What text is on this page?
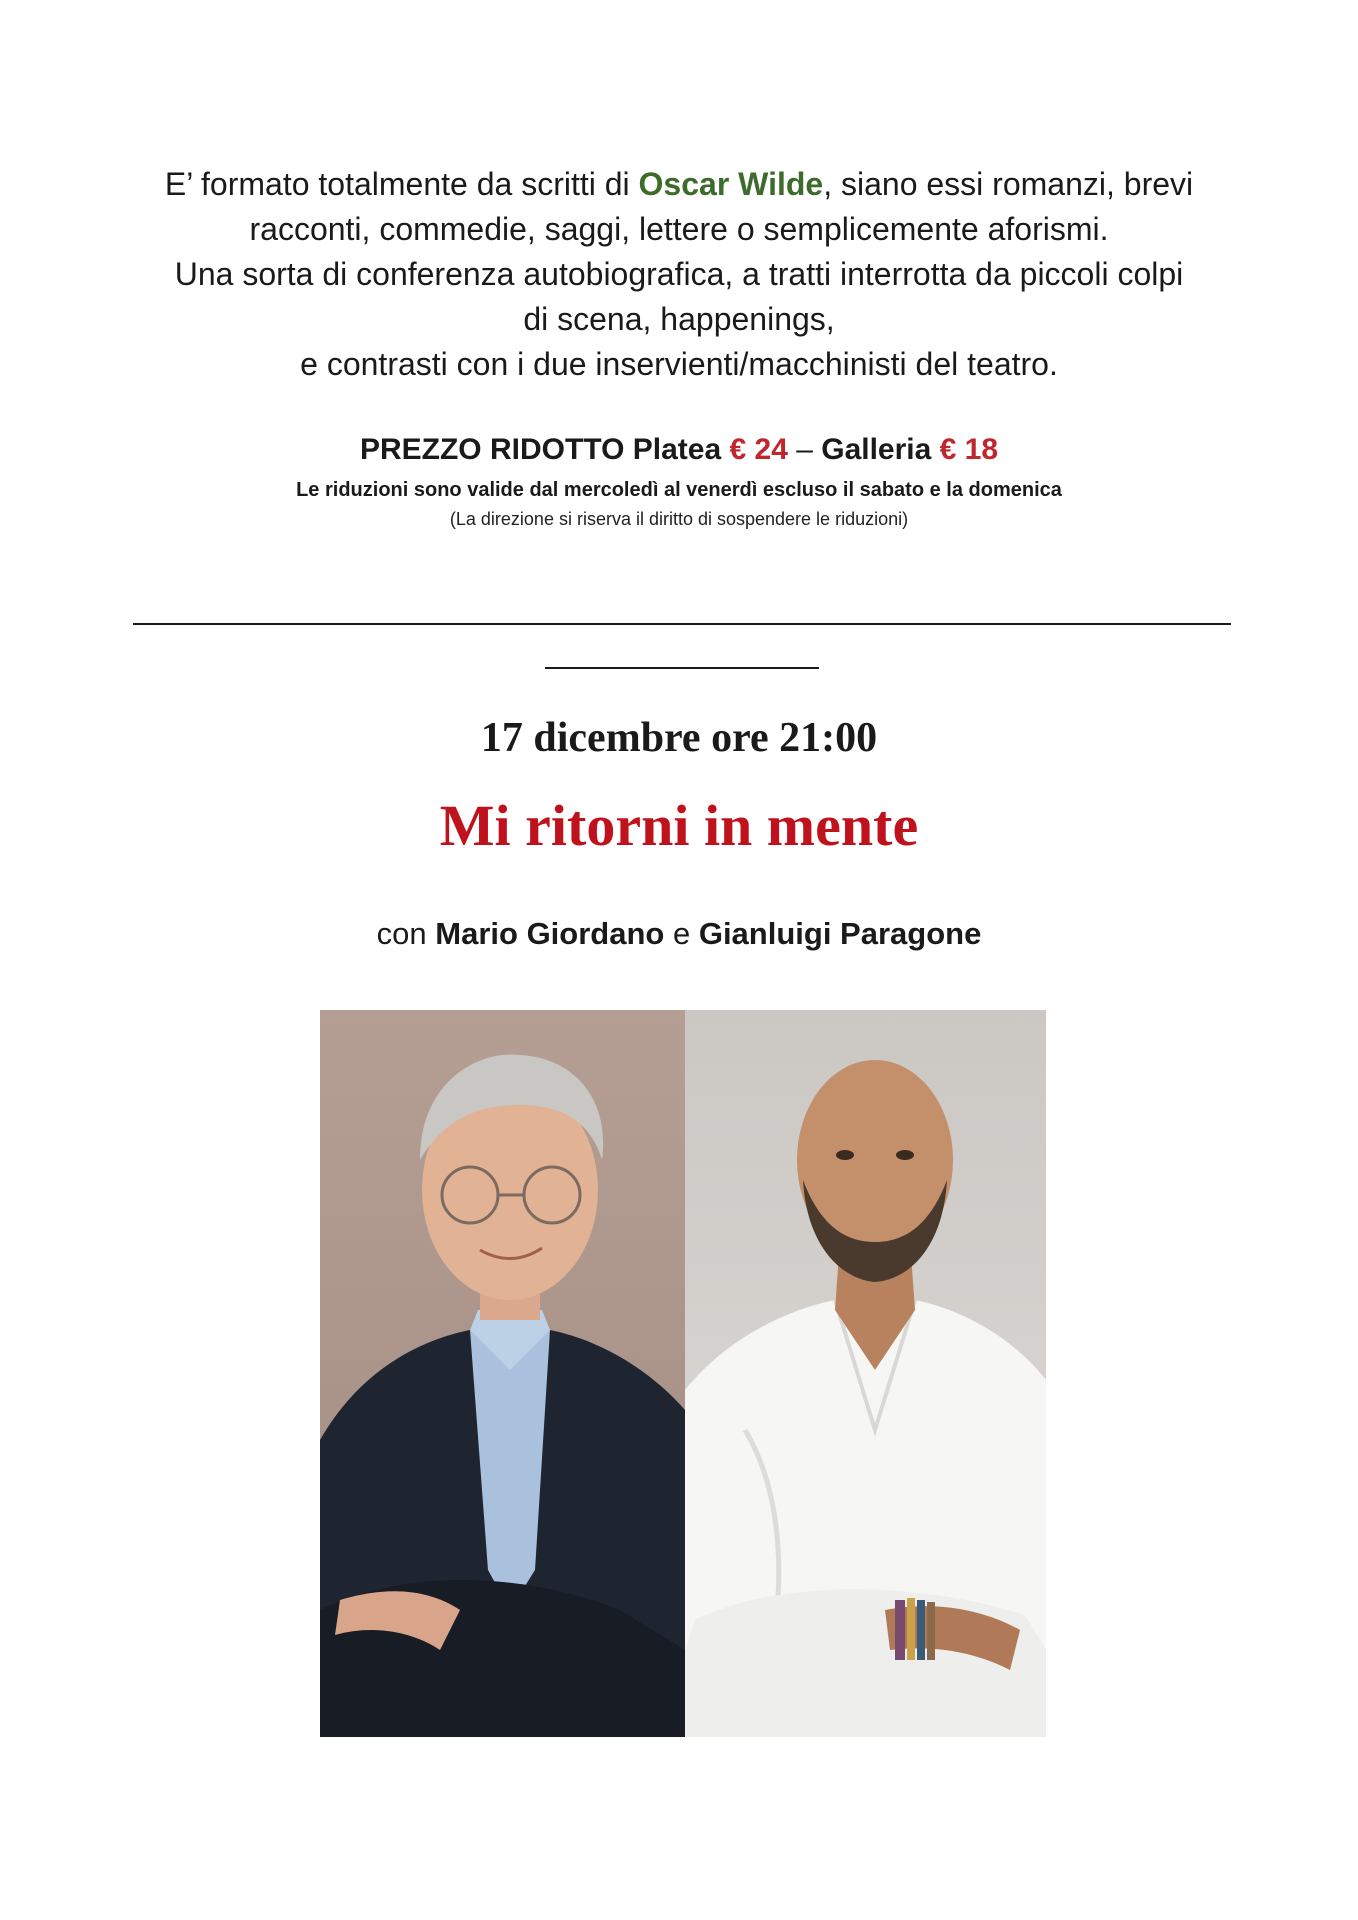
E’ formato totalmente da scritti di Oscar Wilde, siano essi romanzi, brevi
racconti, commedie, saggi, lettere o semplicemente aforismi.
Una sorta di conferenza autobiografica, a tratti interrotta da piccoli colpi
di scena, happenings,
e contrasti con i due inservienti/macchinisti del teatro.
PREZZO RIDOTTO Platea € 24 – Galleria € 18
Le riduzioni sono valide dal mercoledì al venerdì escluso il sabato e la domenica
(La direzione si riserva il diritto di sospendere le riduzioni)
17 dicembre ore 21:00
Mi ritorni in mente
con Mario Giordano e Gianluigi Paragone
